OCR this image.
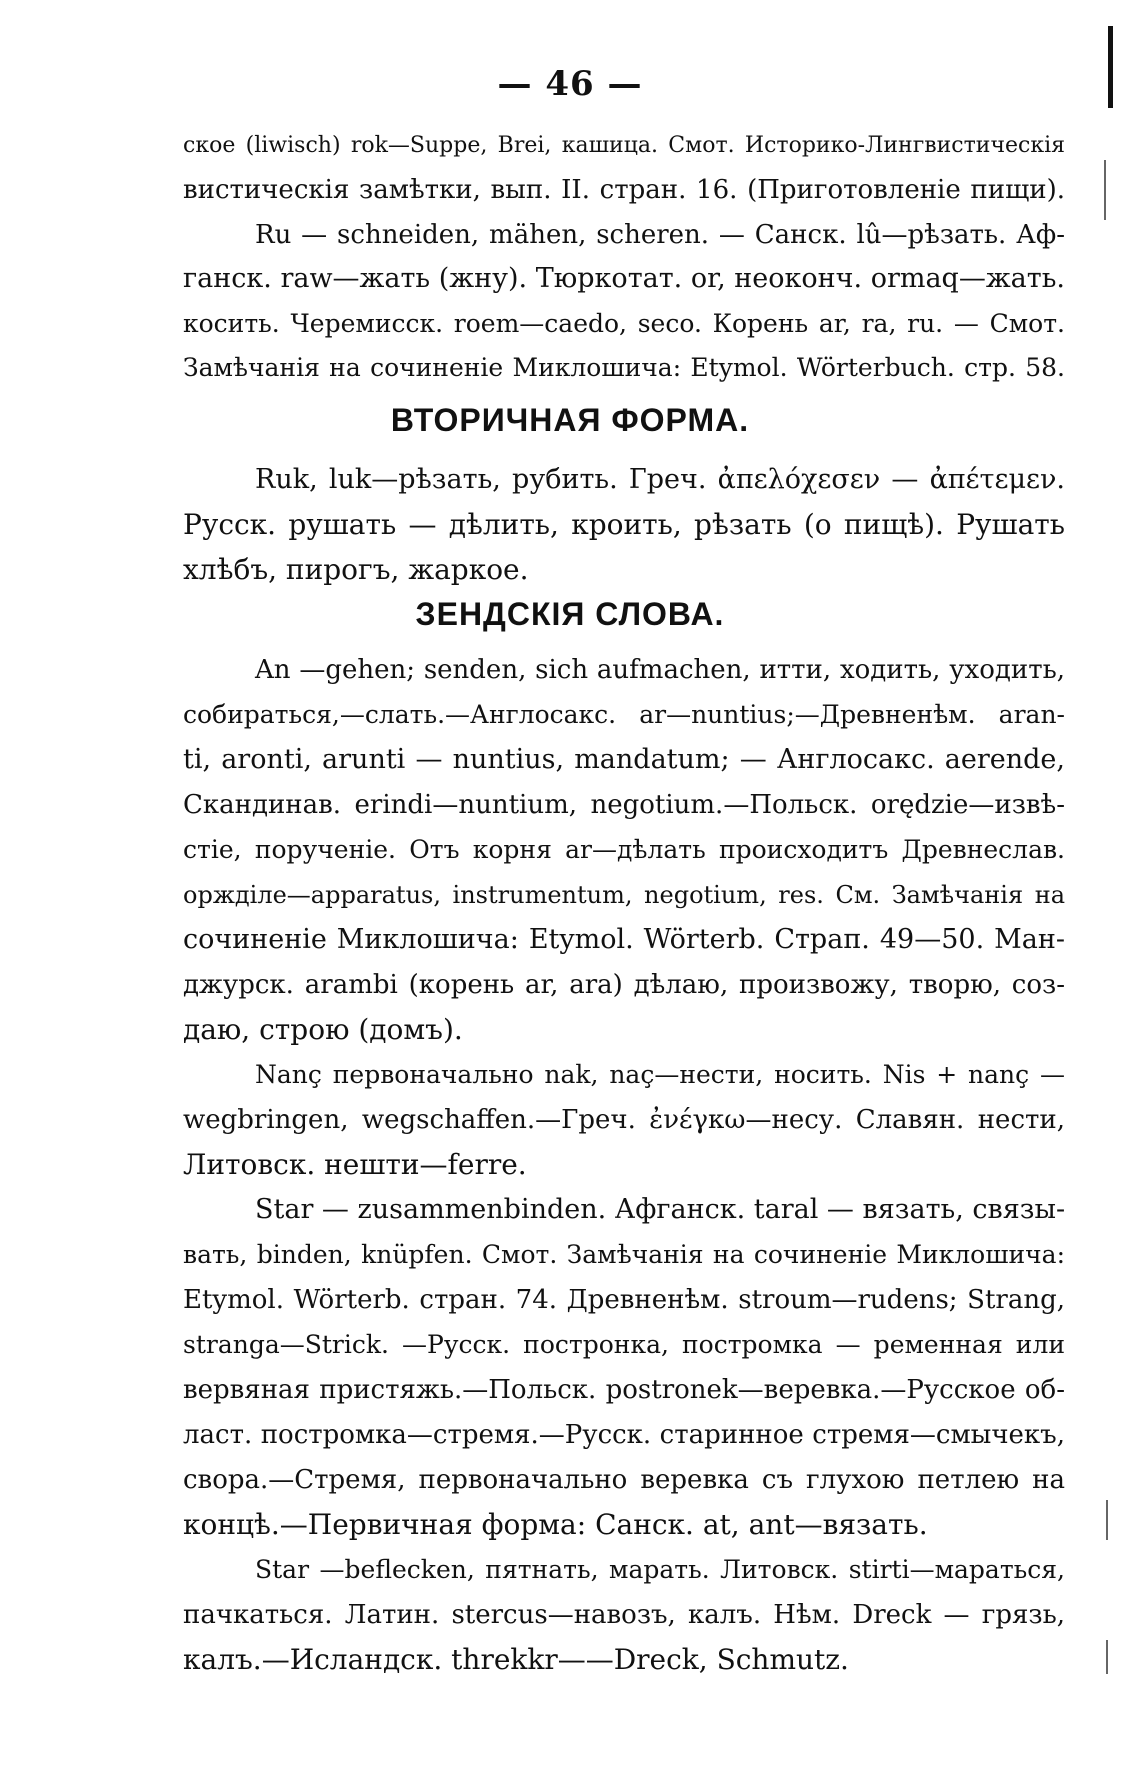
— 46 —
ское (liwisch) rok—Suppe, Brei, кашица. Смот. Историко-Лингвистическія
вистическія замѣтки, вып. II. стран. 16. (Приготовленіе пищи).
Ru — schneiden, mähen, scheren. — Санск. lû—рѣзать. Аф-
ганск. raw—жать (жну). Тюркотат. or, неоконч. ormaq—жать.
косить. Черемисск. roem—caedo, seco. Корень ar, ra, ru. — Смот.
Замѣчанія на сочиненіе Миклошича: Etymol. Wörterbuch. стр. 58.
ВТОРИЧНАЯ ФОРМА.
Ruk, luk—рѣзать, рубить. Греч. ἀπελόχεσεν — ἀπέτεμεν.
Русск. рушать — дѣлить, кроить, рѣзать (о пищѣ). Рушать
хлѣбъ, пирогъ, жаркое.
ЗЕНДСКІЯ СЛОВА.
An —gehen; senden, sich aufmachen, итти, ходить, уходить,
собираться,—слать.—Англосакс. ar—nuntius;—Древненѣм. aran-
ti, aronti, arunti — nuntius, mandatum; — Англосакс. aerende,
Скандинав. erindi—nuntium, negotium.—Польск. orędzie—извѣ-
стіе, порученіе. Отъ корня ar—дѣлать происходитъ Древнеслав.
оржділе—apparatus, instrumentum, negotium, res. См. Замѣчанія на
сочиненіе Миклошича: Etymol. Wörterb. Страп. 49—50. Ман-
джурск. arambi (корень ar, ara) дѣлаю, произвожу, творю, соз-
даю, строю (домъ).
Nanç первоначально nak, naç—нести, носить. Nis + nanç —
wegbringen, wegschaffen.—Греч. ἐνέγκω—несу. Славян. нести,
Литовск. нешти—ferre.
Star — zusammenbinden. Афганск. taral — вязать, связы-
вать, binden, knüpfen. Смот. Замѣчанія на сочиненіе Миклошича:
Etymol. Wörterb. стран. 74. Древненѣм. stroum—rudens; Strang,
stranga—Strick. —Русск. постронка, постромка — ременная или
вервяная пристяжь.—Польск. postronek—веревка.—Русское об-
ласт. постромка—стремя.—Русск. старинное стремя—смычекъ,
свора.—Стремя, первоначально веревка съ глухою петлею на
концѣ.—Первичная форма: Санск. at, ant—вязать.
Star —beflecken, пятнать, марать. Литовск. stirti—мараться,
пачкаться. Латин. stercus—навозъ, калъ. Нѣм. Dreck — грязь,
калъ.—Исландск. threkkr——Dreck, Schmutz.
